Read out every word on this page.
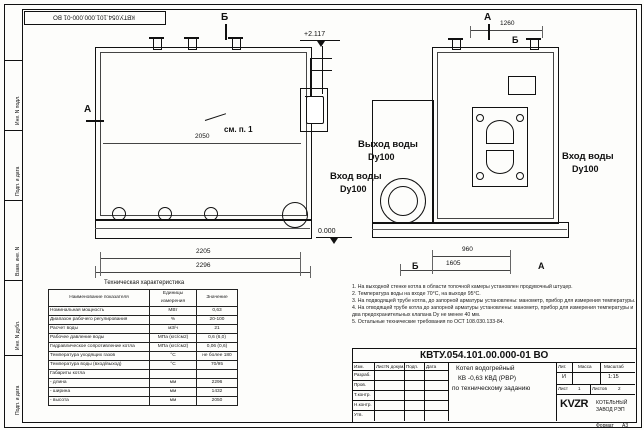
Инв. N подл.
Подп. и дата
Взам. инв. N
Инв. N дубл.
Подп. и дата
КВТУ.054.101.000.000-01 ВО
+2.117
см. п. 1
2050
0.000
2205
2296
Б
A
1260
960
1605
A
Б
Б	A
Выход воды
Dy100
Вход воды
Dy100
Вход воды
Dy100
Техническая характеристика
Наименование показателя	Единицы измерения	Значение
Номинальная мощность	МВт	0,63
Диапазон рабочего регулирования	%	20-100
Расчет воды	м3/ч	21
Рабочее давление воды	МПа (кгс/см2)	0,6 (6,0)
Гидравлическое сопротивление котла	МПа (кгс/см2)	0,06 (0,6)
Температура уходящих газов	°С	не более 180
Температура воды (вход/выход)	°С	70/95
Габариты котла		
- длина	мм	2296
- ширина	мм	1432
- высота	мм	2050
1. На выходной стенке котла в области топочной камеры установлен продувочный штуцер.
2. Температура воды на входе 70°С, на выходе 95°С.
3. На подводящей трубе котла, до запорной арматуры установлены: манометр, прибор для измерения температуры.
4. На отводящей трубе котла до запорной арматуры установлены: манометр, прибор для измерения температуры и два предохранительных клапана Dy не менее 40 мм.
5. Остальные технические требования по ОСТ 108.030.133-84.
КВТУ.054.101.00.000-01 ВО
Изм.	Лист N докум. Подп. Дата
Разраб.
Пров.
Т.контр.
Н.контр.
Утв.
Котел водогрейный
КВ -0,63 КВД (РВР)
по техническому заданию
Лит.	Масса	Масштаб
И	1:15
Лист 1 Листов 2
KVZR КОТЕЛЬНЫЙ
ЗАВОД РЭП
Формат А3
